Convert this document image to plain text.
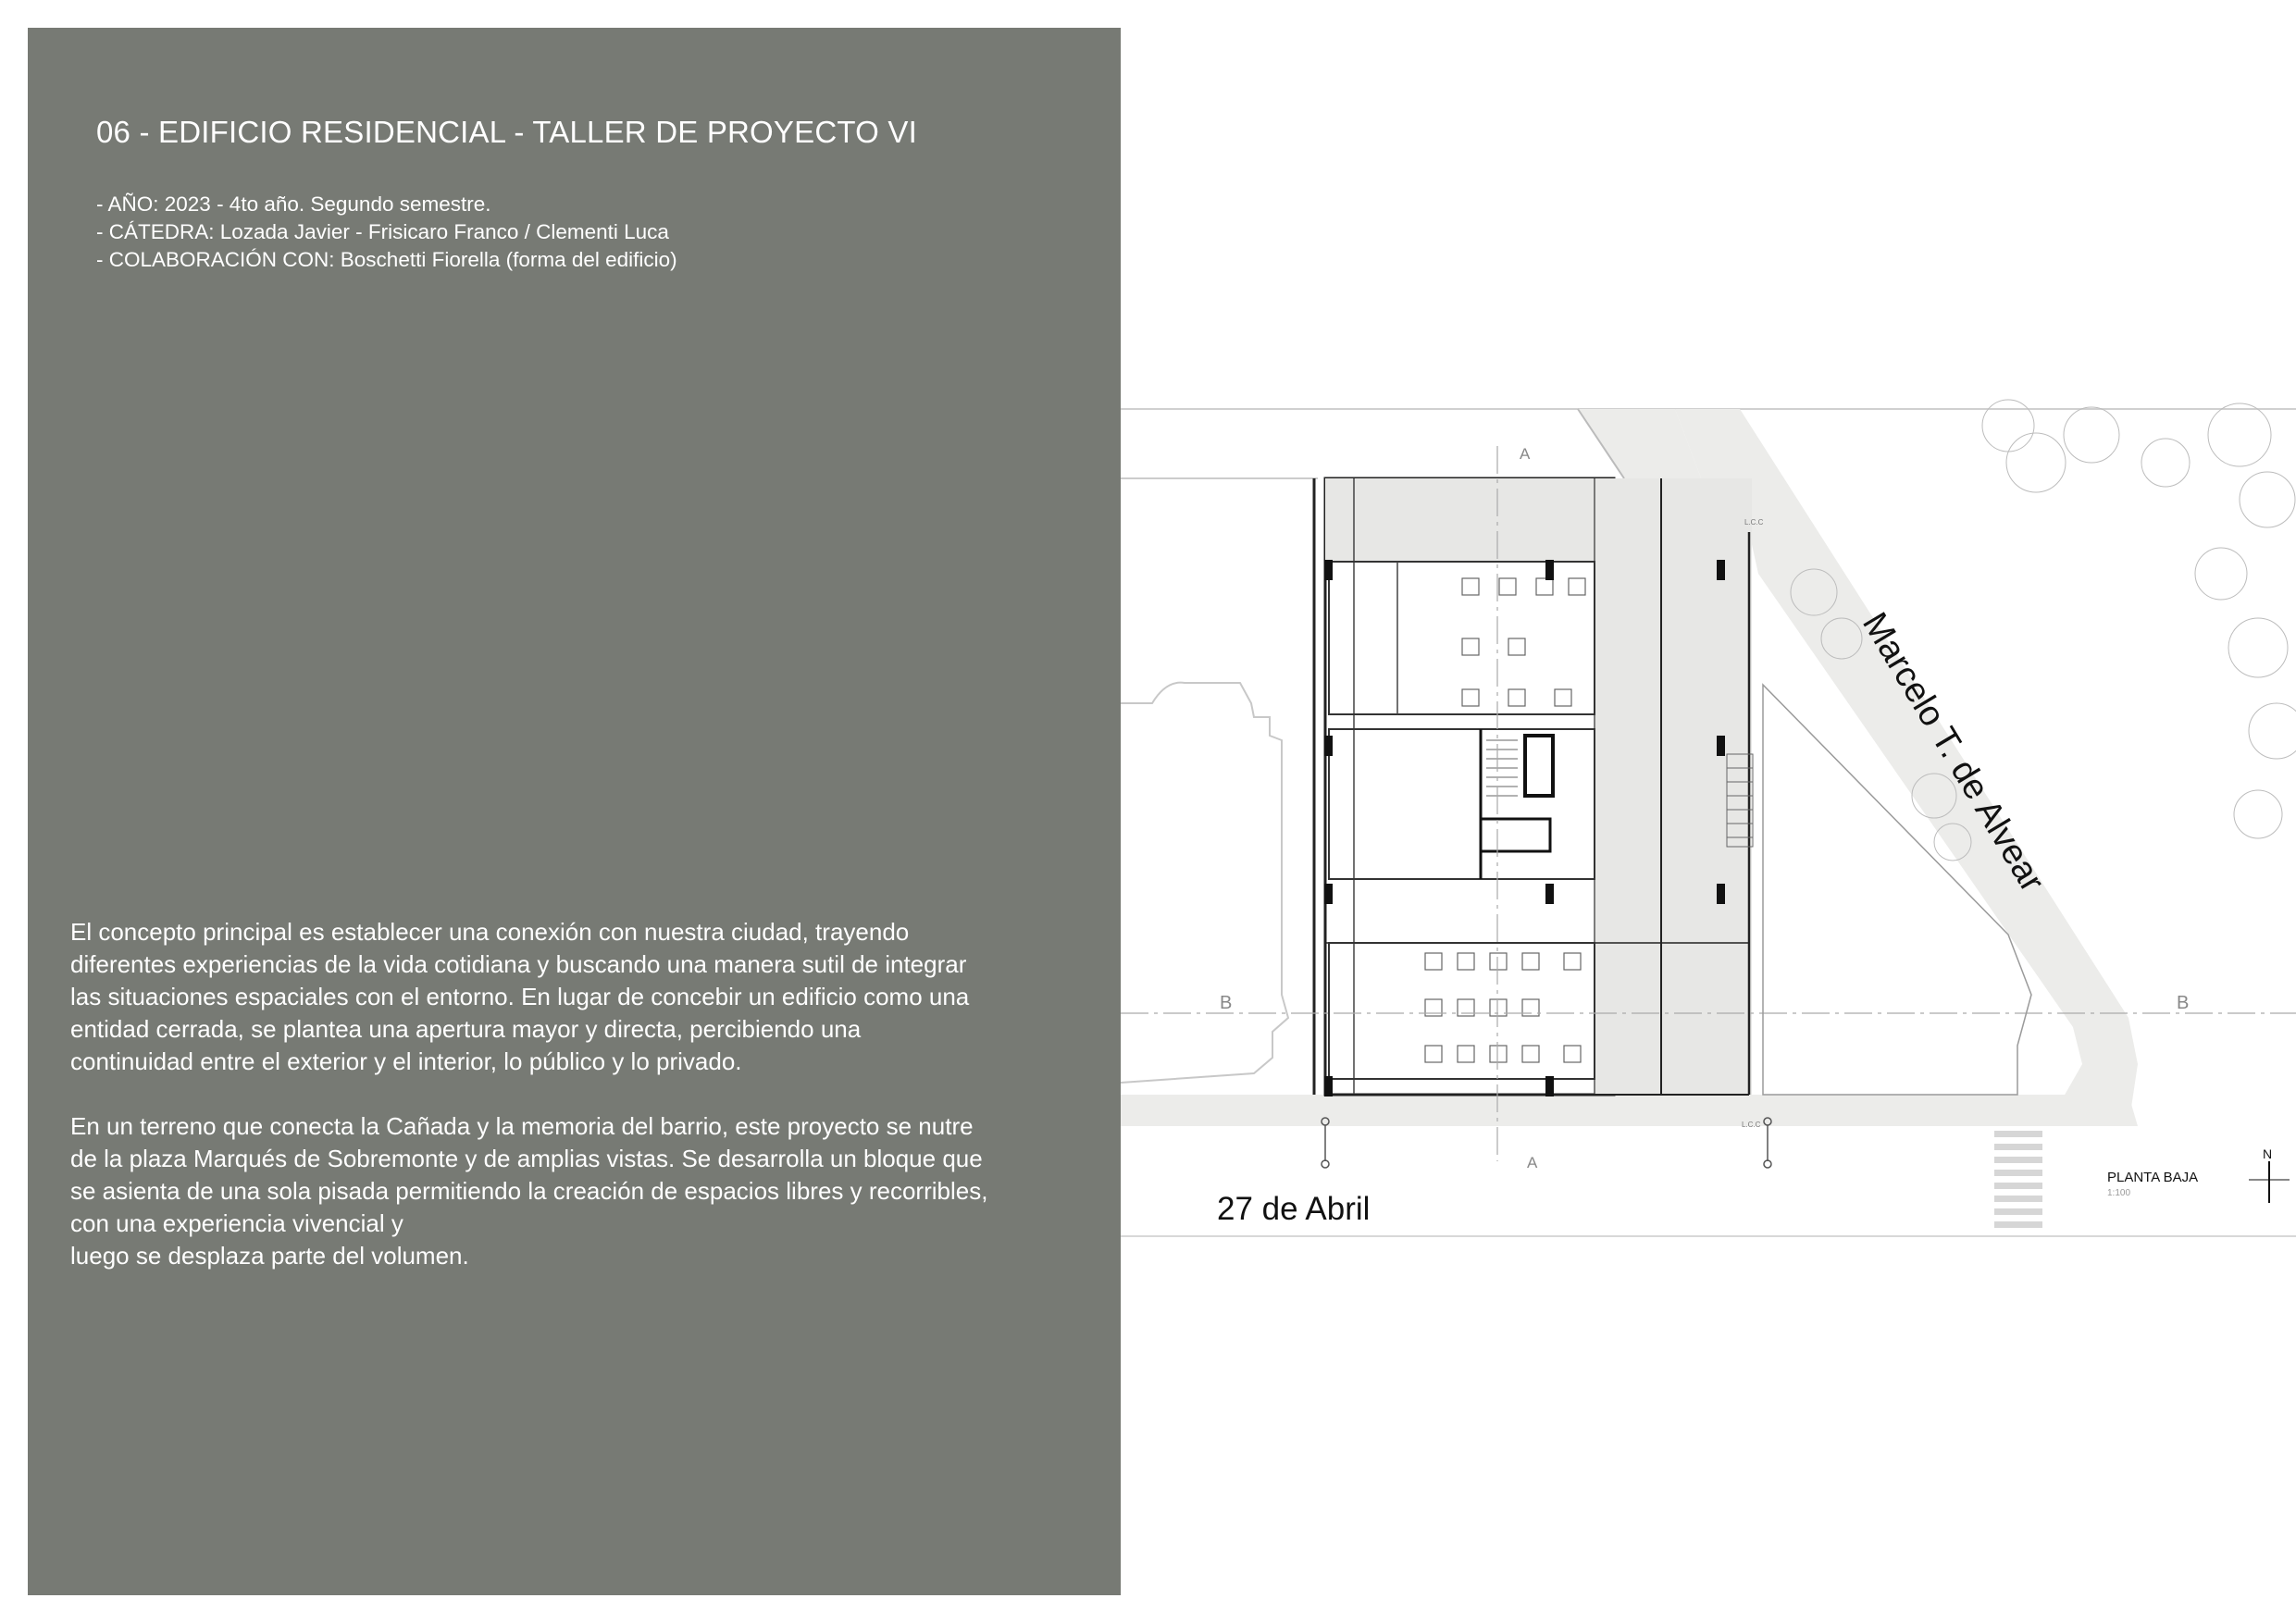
06 - EDIFICIO RESIDENCIAL - TALLER DE PROYECTO VI
- AÑO: 2023 - 4to año. Segundo semestre.
- CÁTEDRA: Lozada Javier - Frisicaro Franco / Clementi Luca
- COLABORACIÓN CON: Boschetti Fiorella (forma del edificio)

El concepto principal es establecer una conexión con nuestra ciudad, trayendo
diferentes experiencias de la vida cotidiana y buscando una manera sutil de integrar
las situaciones espaciales con el entorno. En lugar de concebir un edificio como una
entidad cerrada, se plantea una apertura mayor y directa, percibiendo una
continuidad entre el exterior y el interior, lo público y lo privado.

En un terreno que conecta la Cañada y la memoria del barrio, este proyecto se nutre
de la plaza Marqués de Sobremonte y de amplias vistas. Se desarrolla un bloque que
se asienta de una sola pisada permitiendo la creación de espacios libres y recorribles,
con una experiencia vivencial y
luego se desplaza parte del volumen.

A
A
B	B
L.C.C
L.C.C
N
Marcelo T. de Alvear
27 de Abril
PLANTA BAJA
1:100
